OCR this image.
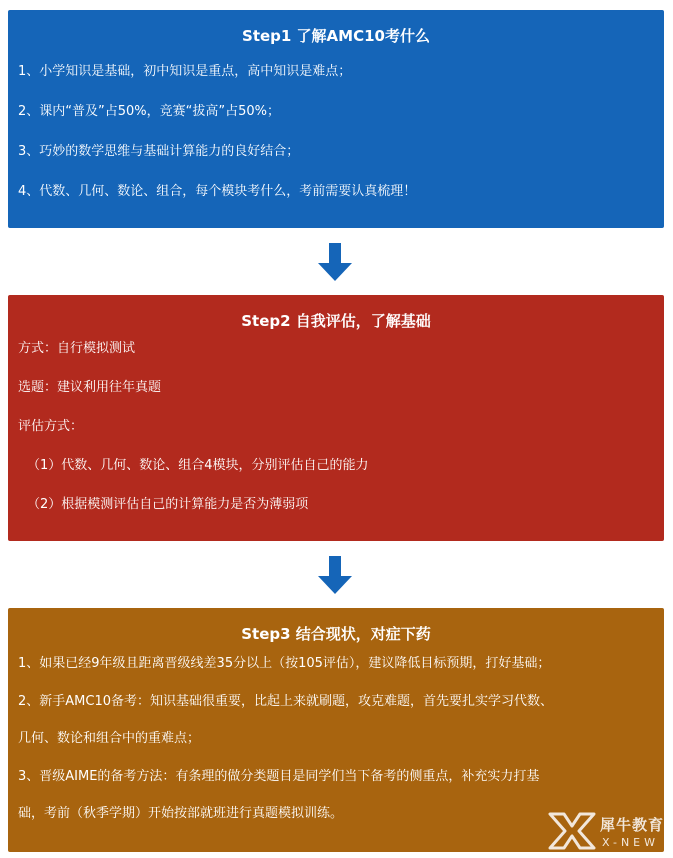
Step1 了解AMC10考什么

1、小学知识是基础，初中知识是重点，高中知识是难点；

2、课内“普及”占50%，竞赛“拔高”占50%；

3、巧妙的数学思维与基础计算能力的良好结合；

4、代数、几何、数论、组合，每个模块考什么，考前需要认真梳理！

Step2 自我评估，了解基础

方式：自行模拟测试

选题：建议利用往年真题

评估方式：

（1）代数、几何、数论、组合4模块，分别评估自己的能力

（2）根据模测评估自己的计算能力是否为薄弱项

Step3 结合现状，对症下药

1、如果已经9年级且距离晋级线差35分以上（按105评估），建议降低目标预期，打好基础；

2、新手AMC10备考：知识基础很重要，比起上来就刷题，攻克难题，首先要扎实学习代数、

几何、数论和组合中的重难点；

3、晋级AIME的备考方法：有条理的做分类题目是同学们当下备考的侧重点，补充实力打基

础，考前（秋季学期）开始按部就班进行真题模拟训练。

犀牛教育
X-NEW
